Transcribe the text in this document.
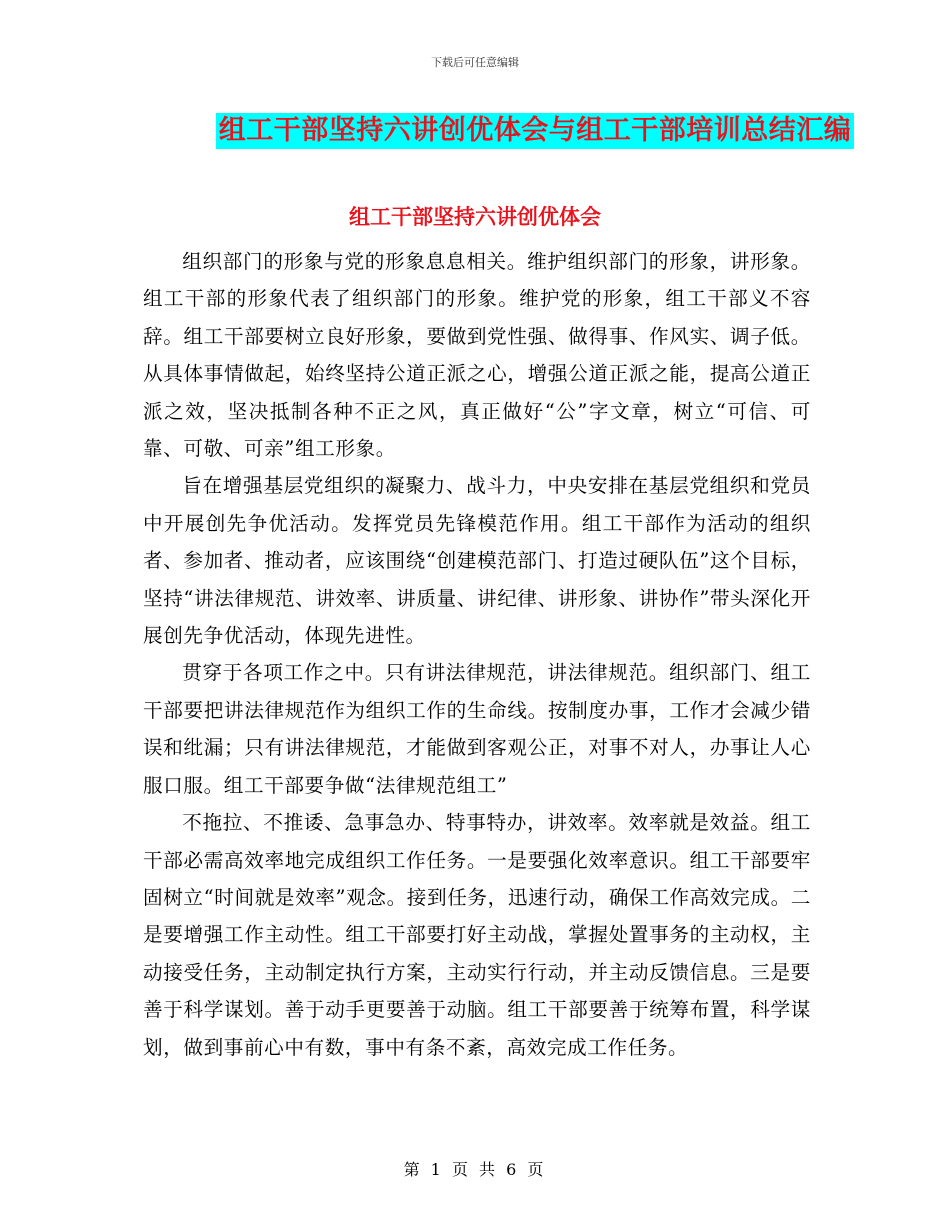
下载后可任意编辑
组工干部坚持六讲创优体会与组工干部培训总结汇编
组工干部坚持六讲创优体会

组织部门的形象与党的形象息息相关。维护组织部门的形象，讲形象。组工干部的形象代表了组织部门的形象。维护党的形象，组工干部义不容辞。组工干部要树立良好形象，要做到党性强、做得事、作风实、调子低。从具体事情做起，始终坚持公道正派之心，增强公道正派之能，提高公道正派之效，坚决抵制各种不正之风，真正做好“公”字文章，树立“可信、可靠、可敬、可亲”组工形象。

旨在增强基层党组织的凝聚力、战斗力，中央安排在基层党组织和党员中开展创先争优活动。发挥党员先锋模范作用。组工干部作为活动的组织者、参加者、推动者，应该围绕“创建模范部门、打造过硬队伍”这个目标，坚持“讲法律规范、讲效率、讲质量、讲纪律、讲形象、讲协作”带头深化开展创先争优活动，体现先进性。

贯穿于各项工作之中。只有讲法律规范，讲法律规范。组织部门、组工干部要把讲法律规范作为组织工作的生命线。按制度办事，工作才会减少错误和纰漏；只有讲法律规范，才能做到客观公正，对事不对人，办事让人心服口服。组工干部要争做“法律规范组工”

不拖拉、不推诿、急事急办、特事特办，讲效率。效率就是效益。组工干部必需高效率地完成组织工作任务。一是要强化效率意识。组工干部要牢固树立“时间就是效率”观念。接到任务，迅速行动，确保工作高效完成。二是要增强工作主动性。组工干部要打好主动战，掌握处置事务的主动权，主动接受任务，主动制定执行方案，主动实行行动，并主动反馈信息。三是要善于科学谋划。善于动手更要善于动脑。组工干部要善于统筹布置，科学谋划，做到事前心中有数，事中有条不紊，高效完成工作任务。

第 1 页 共 6 页
